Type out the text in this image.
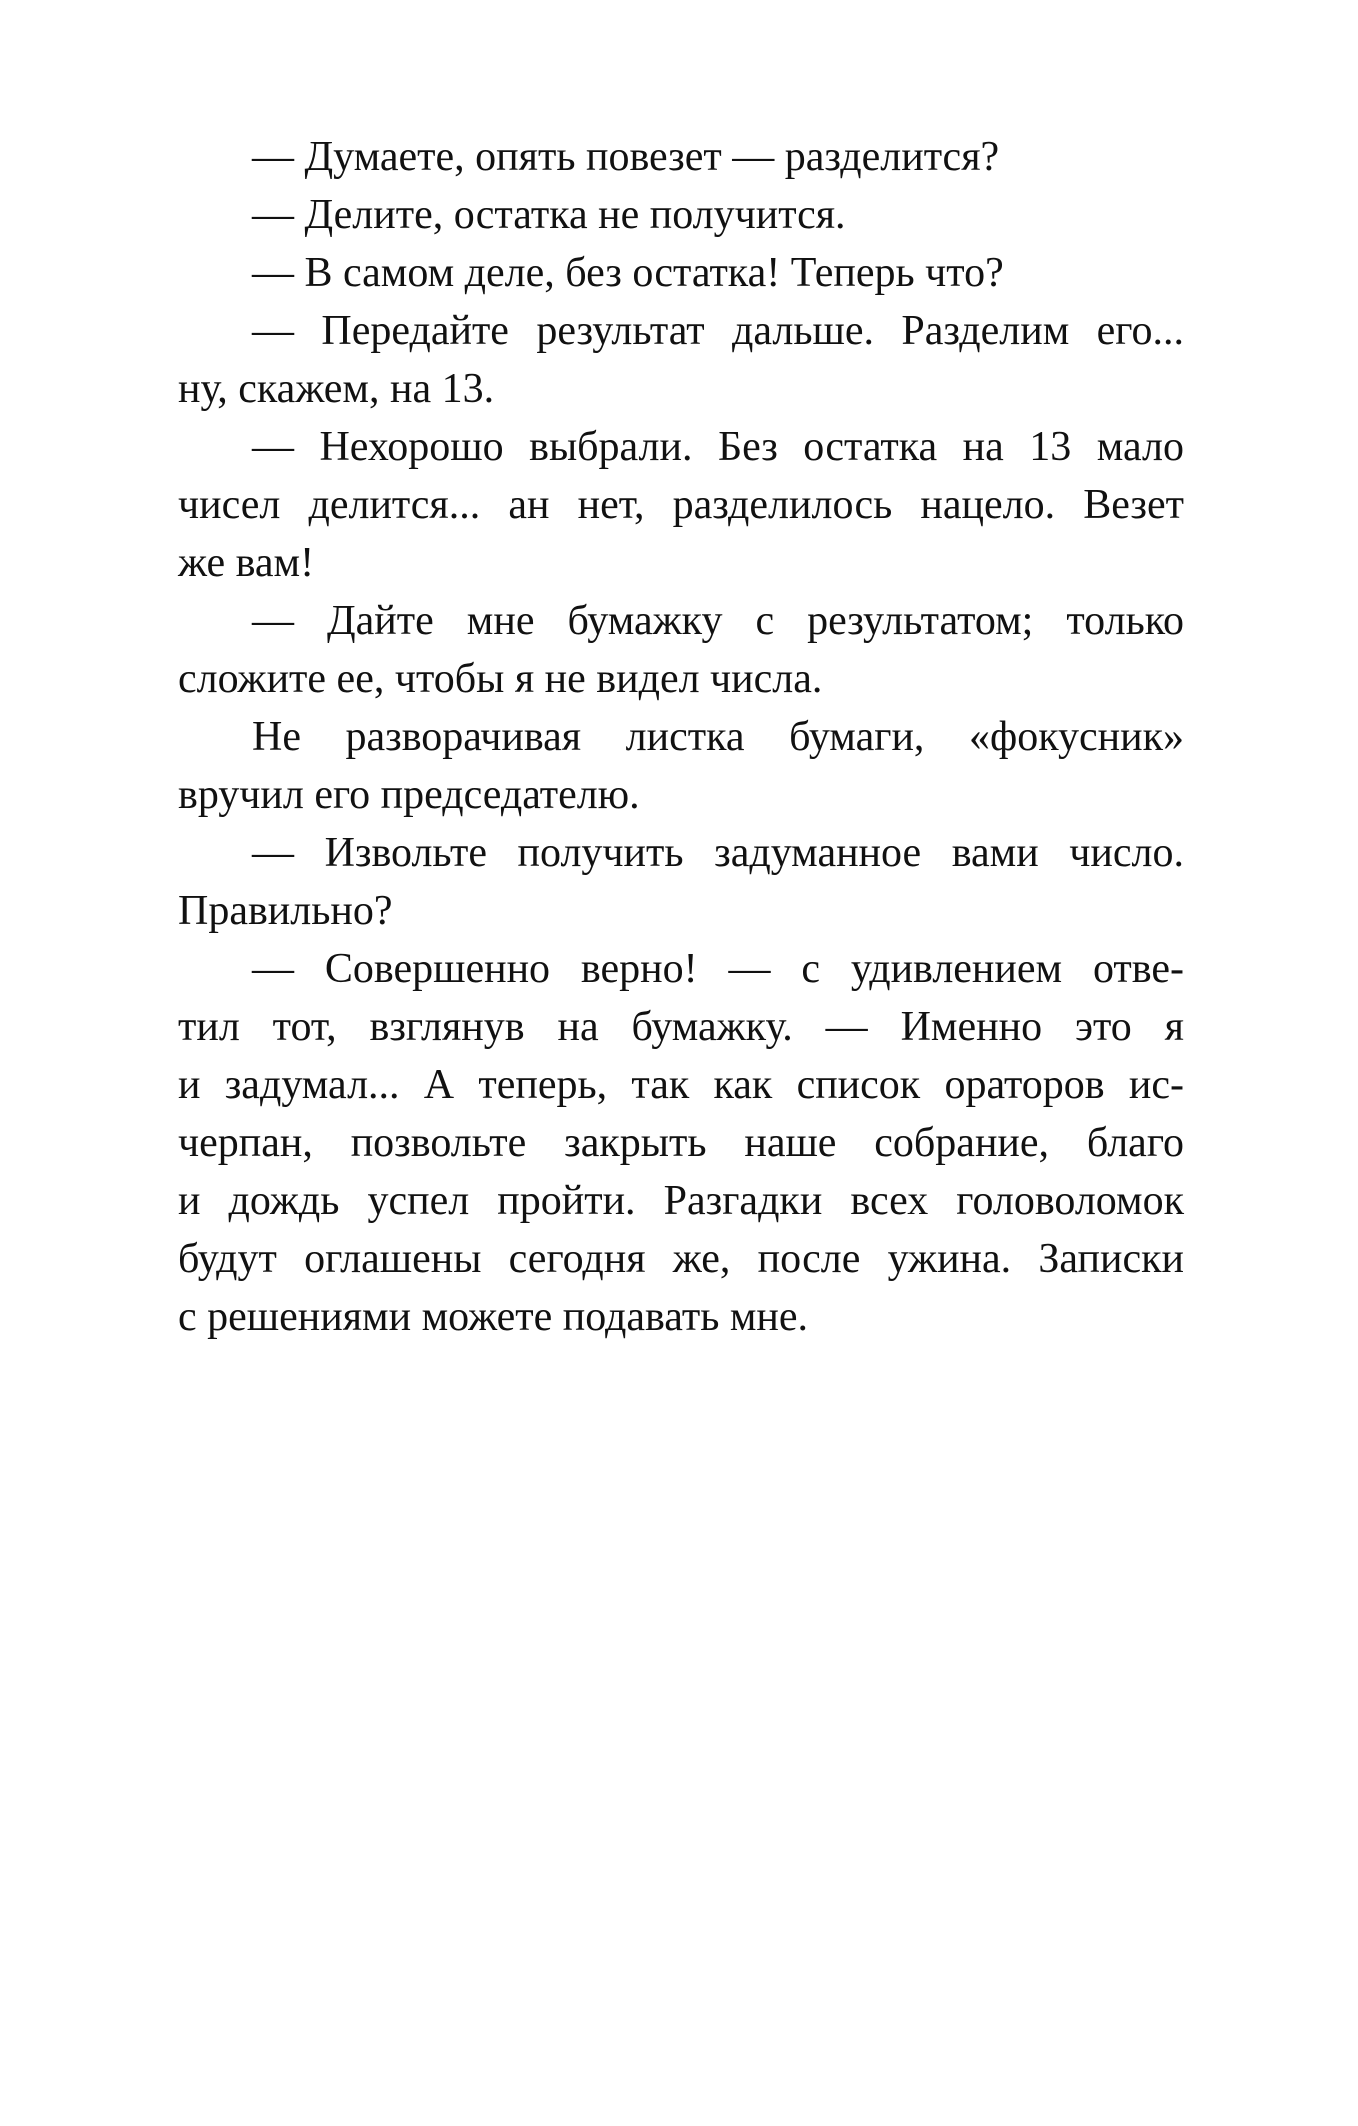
— Думаете, опять повезет — разделится?
— Делите, остатка не получится.
— В самом деле, без остатка! Теперь что?
— Передайте результат дальше. Разделим его...
ну, скажем, на 13.
— Нехорошо выбрали. Без остатка на 13 мало
чисел делится... ан нет, разделилось нацело. Везет
же вам!
— Дайте мне бумажку с результатом; только
сложите ее, чтобы я не видел числа.
Не разворачивая листка бумаги, «фокусник»
вручил его председателю.
— Извольте получить задуманное вами число.
Правильно?
— Совершенно верно! — с удивлением отве-
тил тот, взглянув на бумажку. — Именно это я
и задумал... А теперь, так как список ораторов ис-
черпан, позвольте закрыть наше собрание, благо
и дождь успел пройти. Разгадки всех головоломок
будут оглашены сегодня же, после ужина. Записки
с решениями можете подавать мне.
